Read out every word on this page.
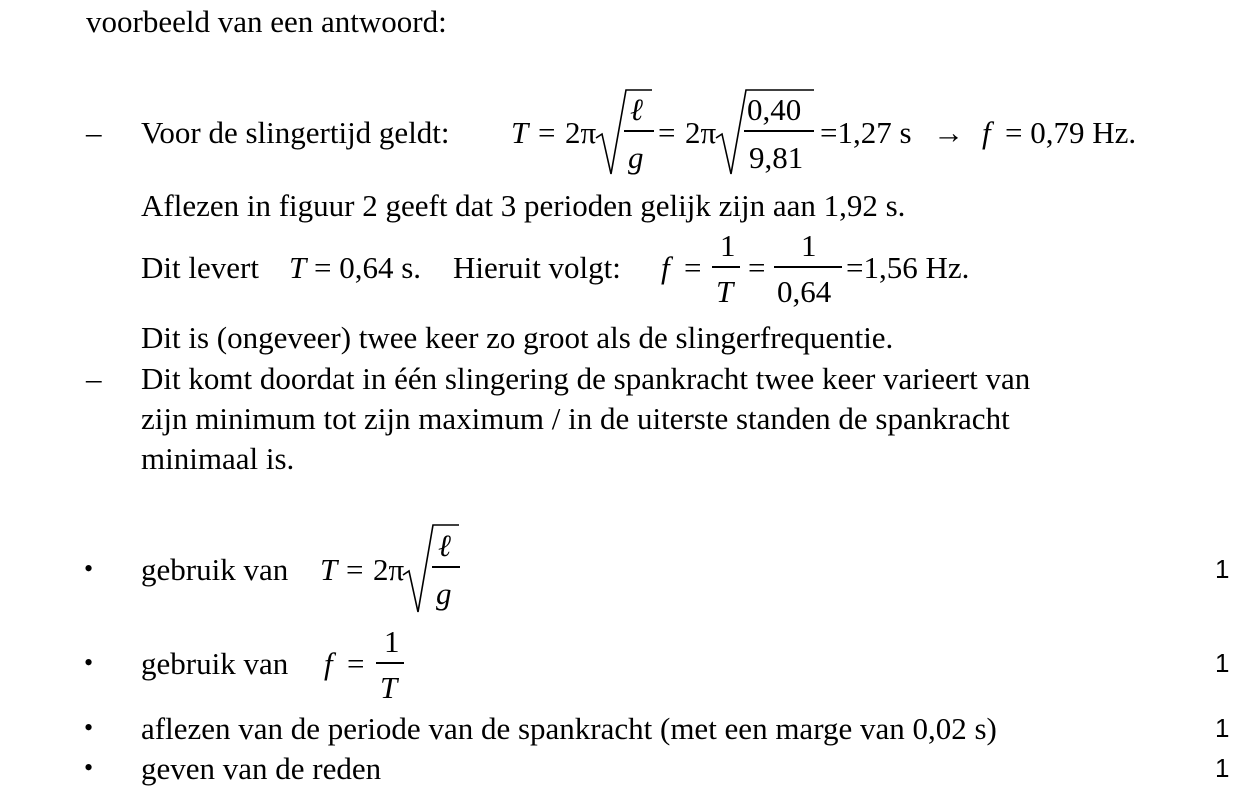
voorbeeld van een antwoord:
– Voor de slingertijd geldt: T = 2π
ℓ
g
= 2π
0,40
9,81
=1,27 s → f = 0,79 Hz.
Aflezen in figuur 2 geeft dat 3 perioden gelijk zijn aan 1,92 s.
Dit levert T = 0,64 s. Hieruit volgt: f =
1
T
=
1
0,64
=1,56 Hz.
Dit is (ongeveer) twee keer zo groot als de slingerfrequentie.
– Dit komt doordat in één slingering de spankracht twee keer varieert van
zijn minimum tot zijn maximum / in de uiterste standen de spankracht
minimaal is.
• gebruik van T = 2π
ℓ
g
1
• gebruik van f =
1
T
1
• aflezen van de periode van de spankracht (met een marge van 0,02 s)	1
• geven van de reden	1
